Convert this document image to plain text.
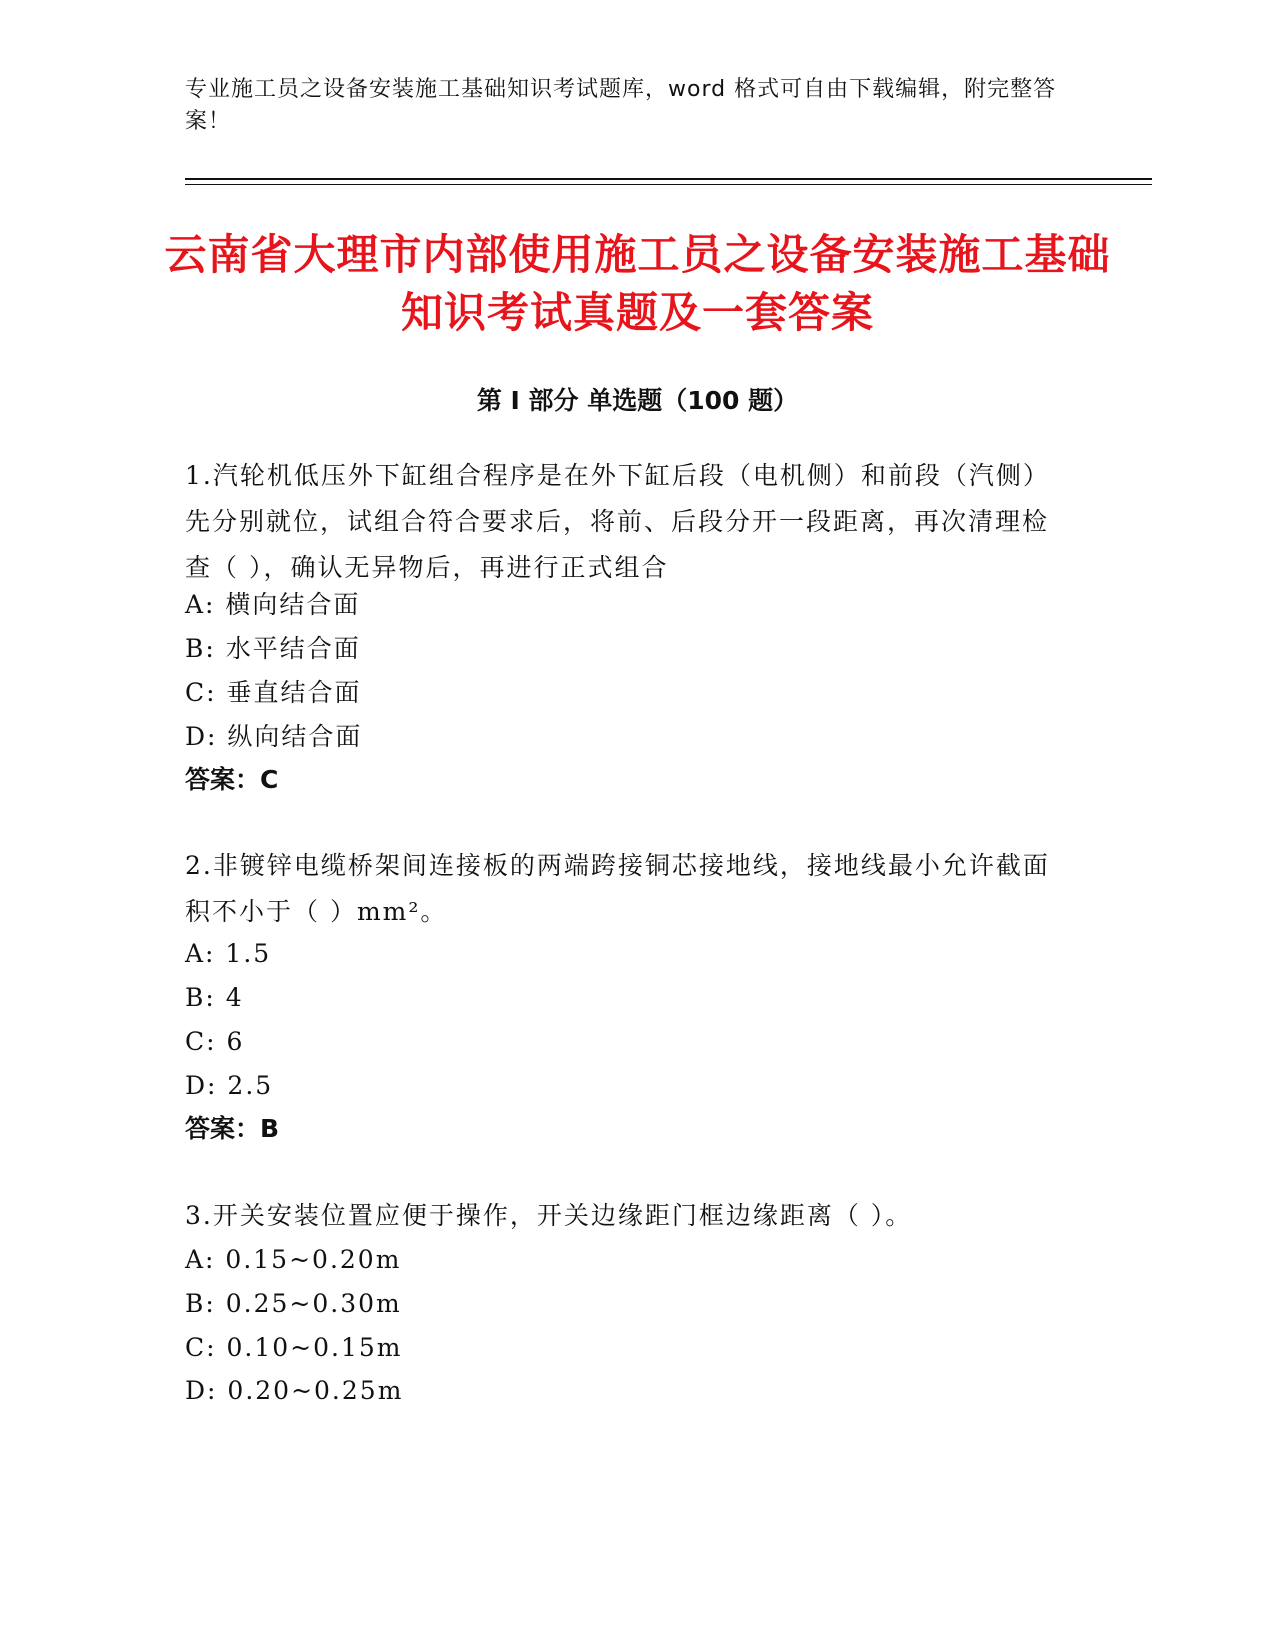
专业施工员之设备安装施工基础知识考试题库，word 格式可自由下载编辑，附完整答案！
云南省大理市内部使用施工员之设备安装施工基础知识考试真题及一套答案
第 I 部分 单选题（100 题）
1.汽轮机低压外下缸组合程序是在外下缸后段（电机侧）和前段（汽侧）先分别就位，试组合符合要求后，将前、后段分开一段距离，再次清理检查（ ），确认无异物后，再进行正式组合
A: 横向结合面
B: 水平结合面
C: 垂直结合面
D: 纵向结合面
答案：C
2.非镀锌电缆桥架间连接板的两端跨接铜芯接地线，接地线最小允许截面积不小于（ ）mm²。
A: 1.5
B: 4
C: 6
D: 2.5
答案：B
3.开关安装位置应便于操作，开关边缘距门框边缘距离（ ）。
A: 0.15~0.20m
B: 0.25~0.30m
C: 0.10~0.15m
D: 0.20~0.25m
